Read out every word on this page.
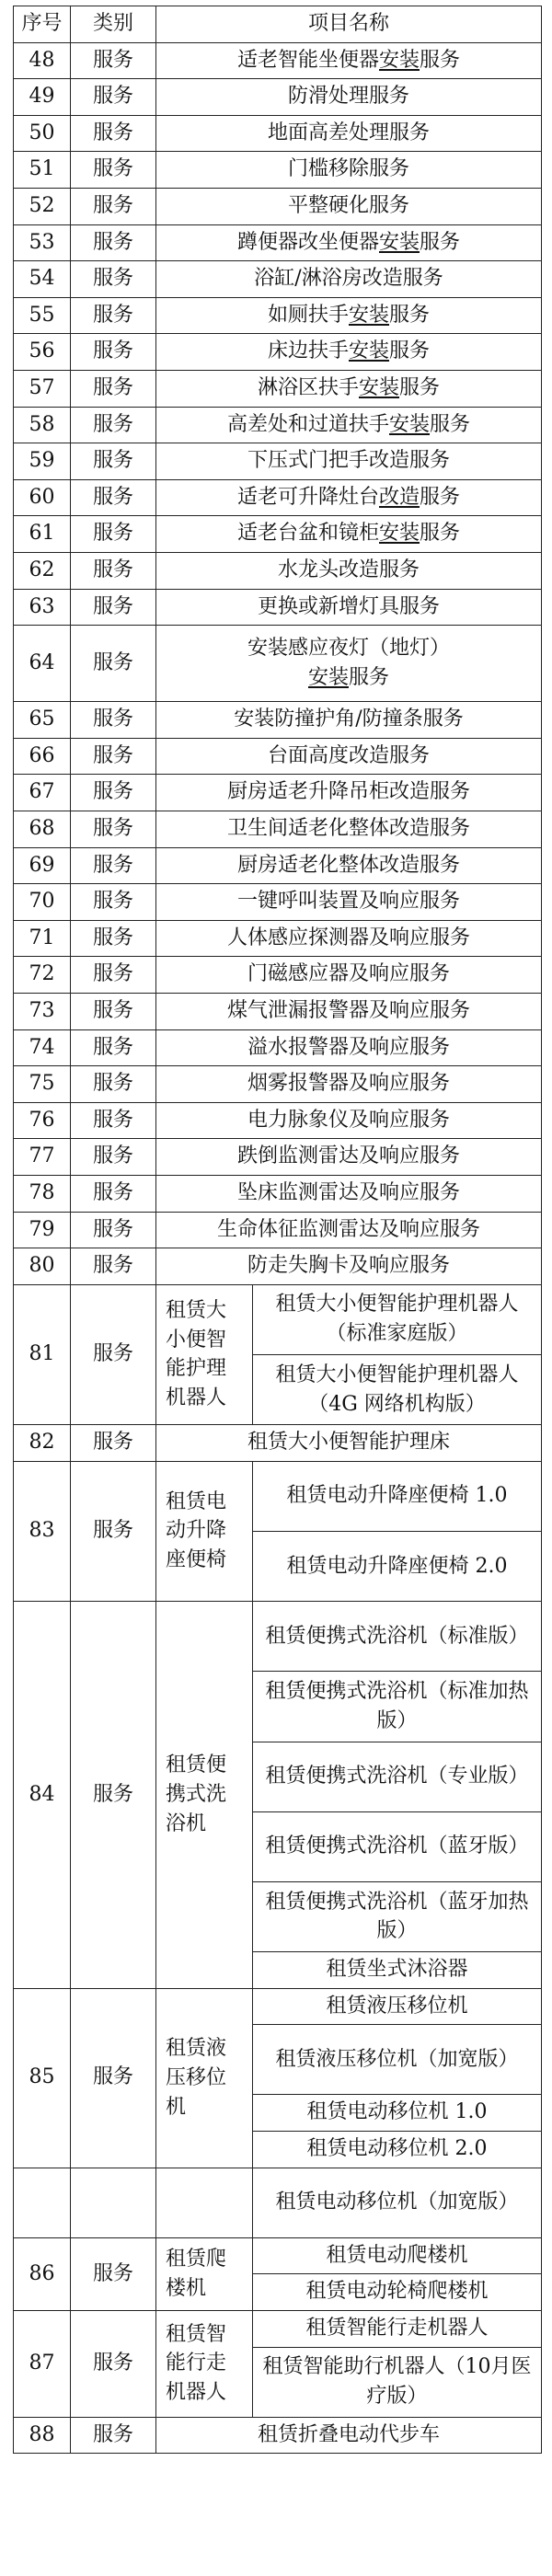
序号	类别	项目名称	
48	服务	适老智能坐便器安装服务	
49	服务	防滑处理服务	
50	服务	地面高差处理服务	
51	服务	门槛移除服务	
52	服务	平整硬化服务	
53	服务	蹲便器改坐便器安装服务	
54	服务	浴缸/淋浴房改造服务	
55	服务	如厕扶手安装服务	
56	服务	床边扶手安装服务	
57	服务	淋浴区扶手安装服务	
58	服务	高差处和过道扶手安装服务	
59	服务	下压式门把手改造服务	
60	服务	适老可升降灶台改造服务	
61	服务	适老台盆和镜柜安装服务	
62	服务	水龙头改造服务	
63	服务	更换或新增灯具服务	
64	服务	安装感应夜灯（地灯）
安装服务	
65	服务	安装防撞护角/防撞条服务	
66	服务	台面高度改造服务	
67	服务	厨房适老升降吊柜改造服务	
68	服务	卫生间适老化整体改造服务	
69	服务	厨房适老化整体改造服务	
70	服务	一键呼叫装置及响应服务	
71	服务	人体感应探测器及响应服务	
72	服务	门磁感应器及响应服务	
73	服务	煤气泄漏报警器及响应服务	
74	服务	溢水报警器及响应服务	
75	服务	烟雾报警器及响应服务	
76	服务	电力脉象仪及响应服务	
77	服务	跌倒监测雷达及响应服务	
78	服务	坠床监测雷达及响应服务	
79	服务	生命体征监测雷达及响应服务	
80	服务	防走失胸卡及响应服务	
81	服务	租赁大小便智能护理机器人	租赁大小便智能护理机器人（标准家庭版）
			租赁大小便智能护理机器人（4G 网络机构版）
82	服务	租赁大小便智能护理床	
83	服务	租赁电动升降座便椅	租赁电动升降座便椅 1.0
			租赁电动升降座便椅 2.0
84	服务	租赁便携式洗浴机	租赁便携式洗浴机（标准版）
			租赁便携式洗浴机（标准加热版）
			租赁便携式洗浴机（专业版）
			租赁便携式洗浴机（蓝牙版）
			租赁便携式洗浴机（蓝牙加热版）
			租赁坐式沐浴器
85	服务	租赁液压移位机	租赁液压移位机
			租赁液压移位机（加宽版）
			租赁电动移位机 1.0
			租赁电动移位机 2.0
			租赁电动移位机（加宽版）
86	服务	租赁爬楼机	租赁电动爬楼机
			租赁电动轮椅爬楼机
87	服务	租赁智能行走机器人	租赁智能行走机器人
			租赁智能助行机器人（10月医疗版）
88	服务	租赁折叠电动代步车	
